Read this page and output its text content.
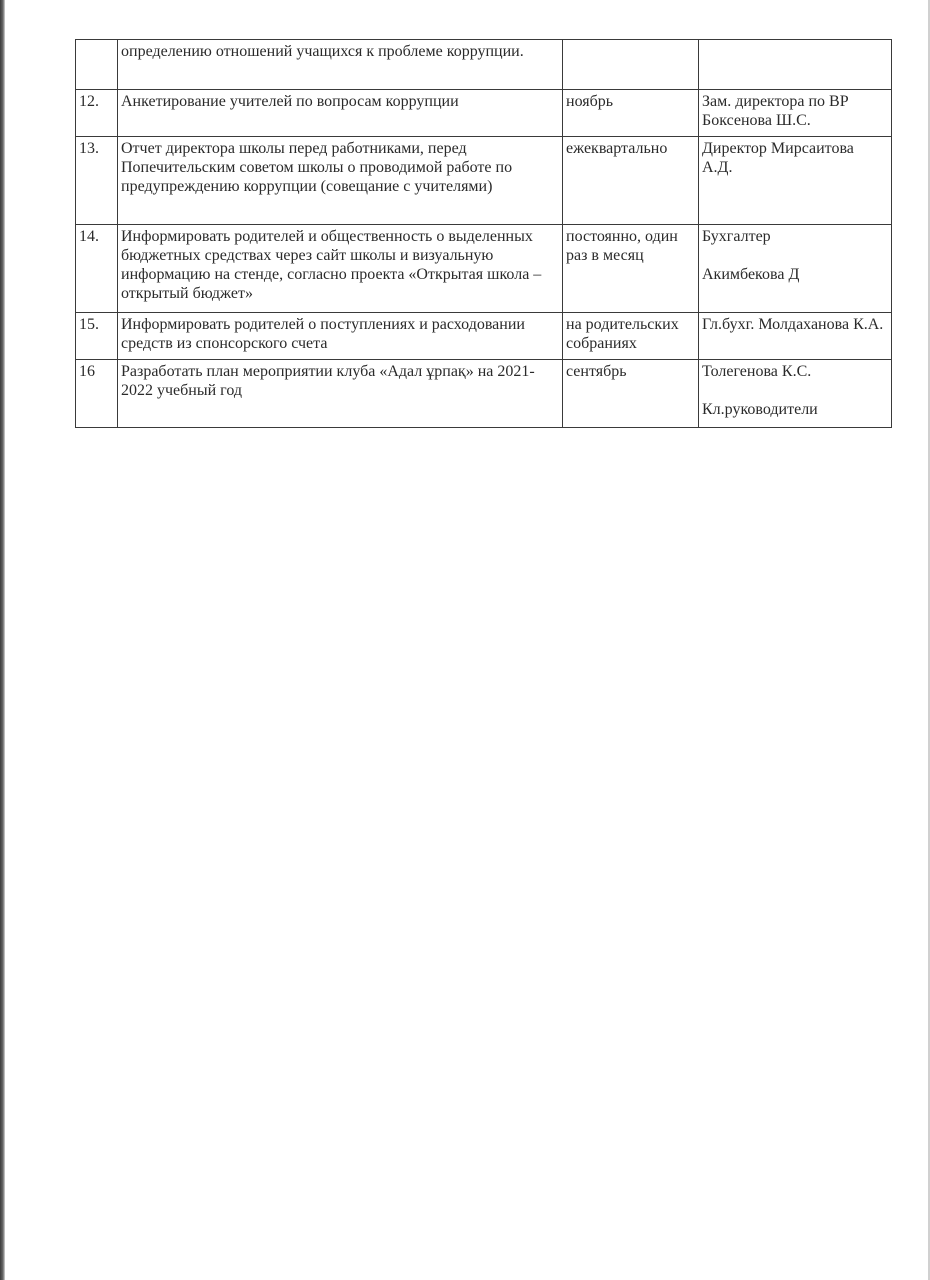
	определению отношений учащихся к проблеме коррупции.		

12.	Анкетирование учителей по вопросам коррупции	ноябрь	Зам. директора по ВР Боксенова Ш.С.

13.	Отчет директора школы перед работниками, перед Попечительским советом школы о проводимой работе по предупреждению коррупции (совещание с учителями)	ежеквартально	Директор Мирсаитова А.Д.

14.	Информировать родителей и общественность о выделенных бюджетных средствах через сайт школы и визуальную информацию на стенде, согласно проекта «Открытая школа – открытый бюджет»	постоянно, один раз в месяц	Бухгалтер
Акимбекова Д

15.	Информировать родителей о поступлениях и расходовании средств из спонсорского счета	на родительских собраниях	Гл.бухг. Молдаханова К.А.

16	Разработать план мероприятии клуба «Адал ұрпақ» на 2021-2022 учебный год	сентябрь	Толегенова К.С.
Кл.руководители
